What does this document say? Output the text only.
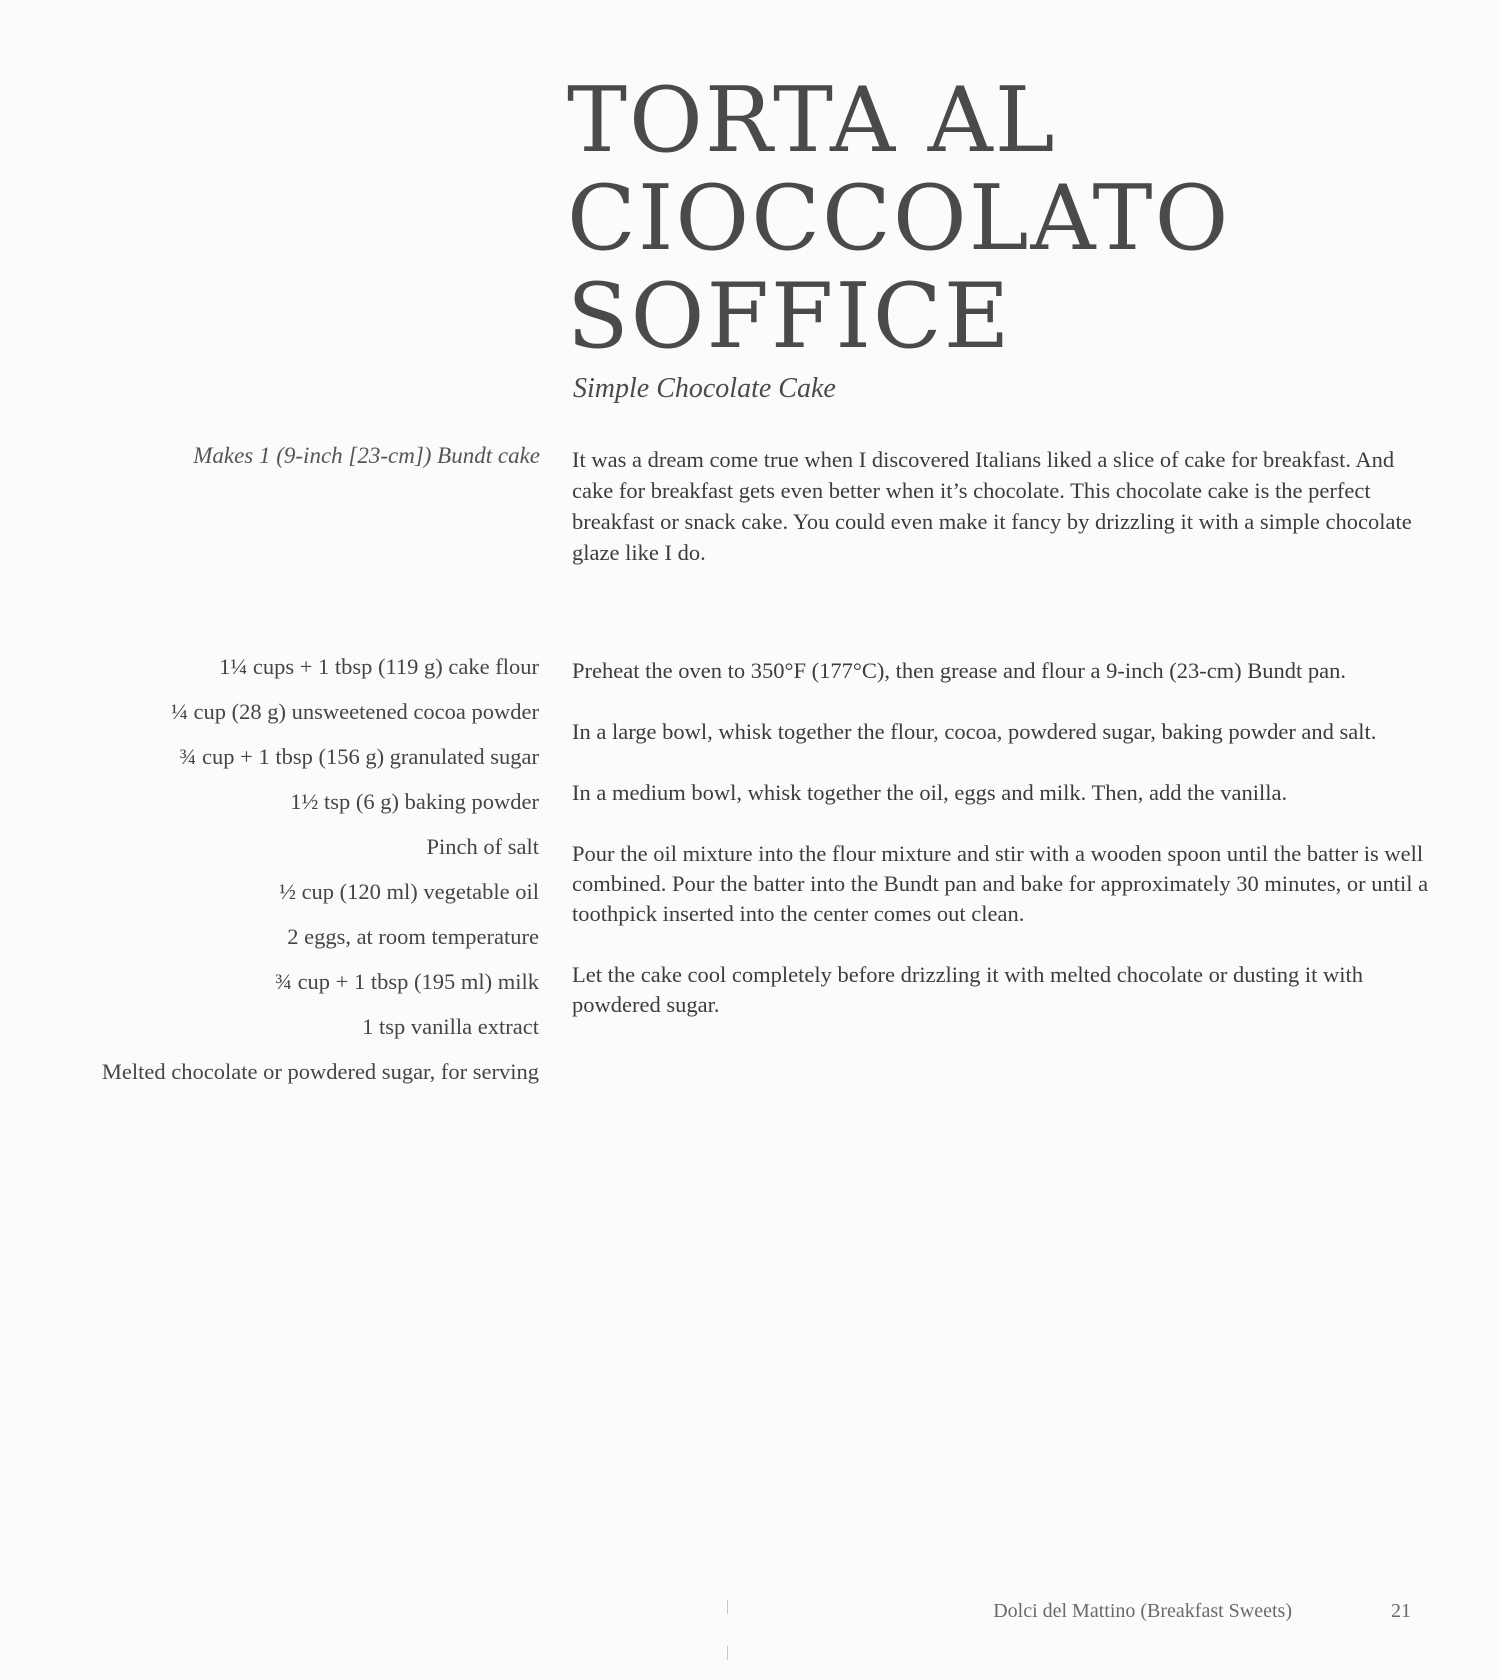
TORTA AL
CIOCCOLATO
SOFFICE
Simple Chocolate Cake
Makes 1 (9-inch [23-cm]) Bundt cake It was a dream come true when I discovered Italians liked a slice of cake for breakfast. And cake for breakfast gets even better when it’s chocolate. This chocolate cake is the perfect breakfast or snack cake. You could even make it fancy by drizzling it with a simple chocolate glaze like I do.

1¼ cups + 1 tbsp (119 g) cake flour
¼ cup (28 g) unsweetened cocoa powder
¾ cup + 1 tbsp (156 g) granulated sugar
1½ tsp (6 g) baking powder
Pinch of salt
½ cup (120 ml) vegetable oil
2 eggs, at room temperature
¾ cup + 1 tbsp (195 ml) milk
1 tsp vanilla extract
Melted chocolate or powdered sugar, for serving

Preheat the oven to 350°F (177°C), then grease and flour a 9-inch (23-cm) Bundt pan.

In a large bowl, whisk together the flour, cocoa, powdered sugar, baking powder and salt.

In a medium bowl, whisk together the oil, eggs and milk. Then, add the vanilla.

Pour the oil mixture into the flour mixture and stir with a wooden spoon until the batter is well combined. Pour the batter into the Bundt pan and bake for approximately 30 minutes, or until a toothpick inserted into the center comes out clean.

Let the cake cool completely before drizzling it with melted chocolate or dusting it with powdered sugar.

Dolci del Mattino (Breakfast Sweets)	21
